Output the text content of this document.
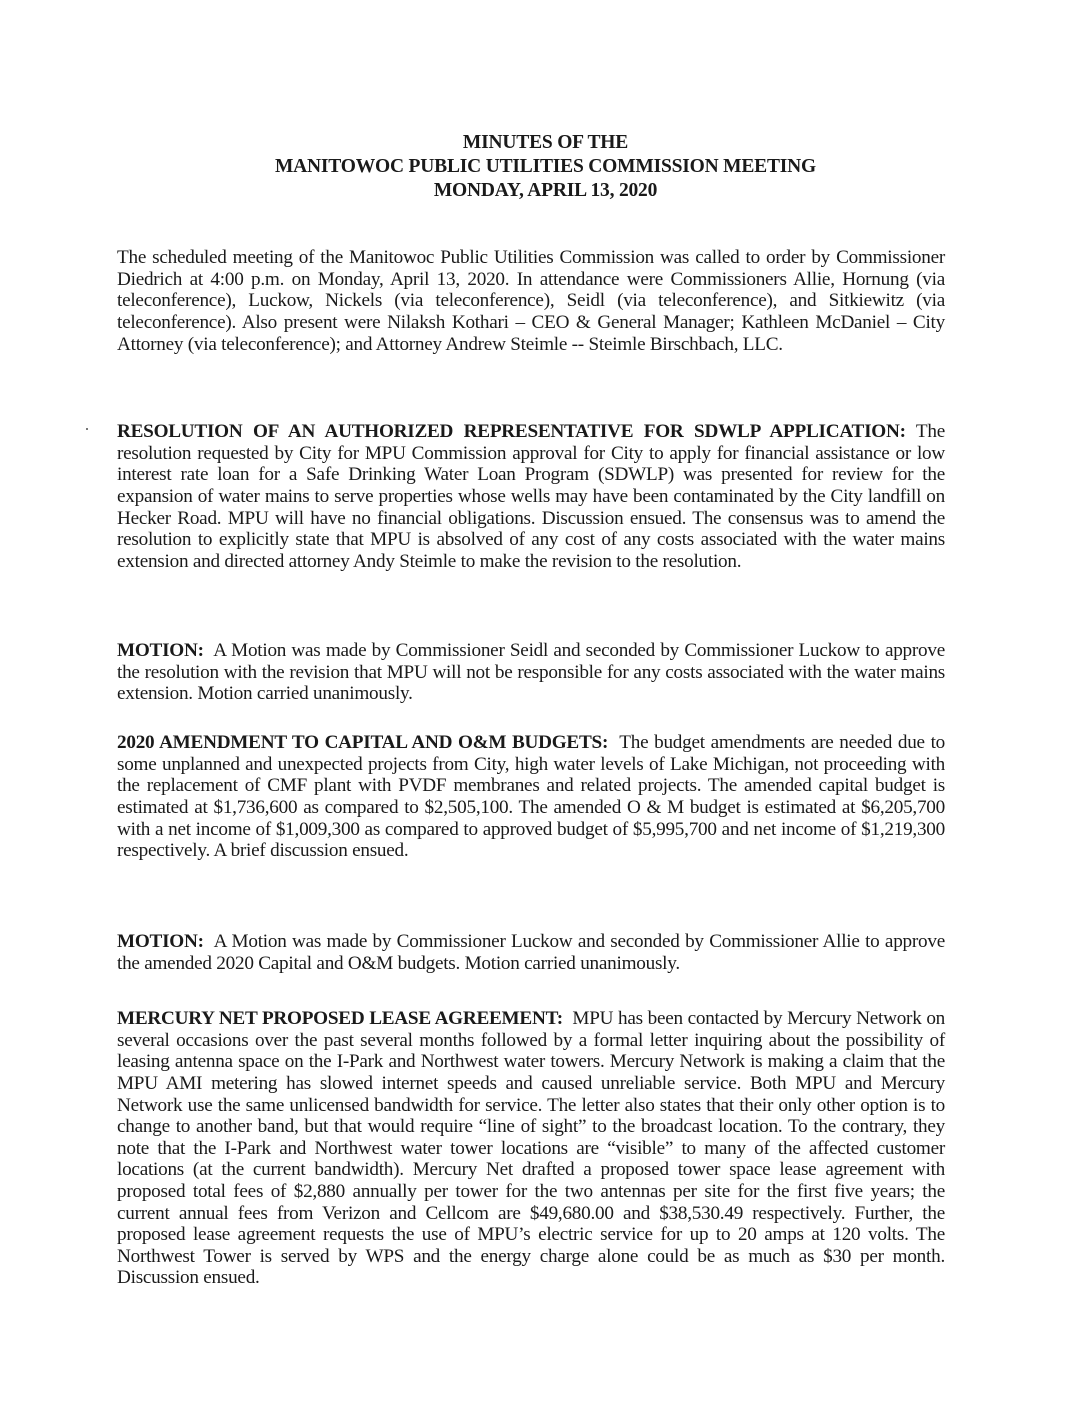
MINUTES OF THE
MANITOWOC PUBLIC UTILITIES COMMISSION MEETING
MONDAY, APRIL 13, 2020

The scheduled meeting of the Manitowoc Public Utilities Commission was called to order by Commissioner Diedrich at 4:00 p.m. on Monday, April 13, 2020. In attendance were Commissioners Allie, Hornung (via teleconference), Luckow, Nickels (via teleconference), Seidl (via teleconference), and Sitkiewitz (via teleconference). Also present were Nilaksh Kothari – CEO & General Manager; Kathleen McDaniel – City Attorney (via teleconference); and Attorney Andrew Steimle -- Steimle Birschbach, LLC.

RESOLUTION OF AN AUTHORIZED REPRESENTATIVE FOR SDWLP APPLICATION: The resolution requested by City for MPU Commission approval for City to apply for financial assistance or low interest rate loan for a Safe Drinking Water Loan Program (SDWLP) was presented for review for the expansion of water mains to serve properties whose wells may have been contaminated by the City landfill on Hecker Road. MPU will have no financial obligations. Discussion ensued. The consensus was to amend the resolution to explicitly state that MPU is absolved of any cost of any costs associated with the water mains extension and directed attorney Andy Steimle to make the revision to the resolution.

MOTION: A Motion was made by Commissioner Seidl and seconded by Commissioner Luckow to approve the resolution with the revision that MPU will not be responsible for any costs associated with the water mains extension. Motion carried unanimously.

2020 AMENDMENT TO CAPITAL AND O&M BUDGETS: The budget amendments are needed due to some unplanned and unexpected projects from City, high water levels of Lake Michigan, not proceeding with the replacement of CMF plant with PVDF membranes and related projects. The amended capital budget is estimated at $1,736,600 as compared to $2,505,100. The amended O & M budget is estimated at $6,205,700 with a net income of $1,009,300 as compared to approved budget of $5,995,700 and net income of $1,219,300 respectively. A brief discussion ensued.

MOTION: A Motion was made by Commissioner Luckow and seconded by Commissioner Allie to approve the amended 2020 Capital and O&M budgets. Motion carried unanimously.

MERCURY NET PROPOSED LEASE AGREEMENT: MPU has been contacted by Mercury Network on several occasions over the past several months followed by a formal letter inquiring about the possibility of leasing antenna space on the I-Park and Northwest water towers. Mercury Network is making a claim that the MPU AMI metering has slowed internet speeds and caused unreliable service. Both MPU and Mercury Network use the same unlicensed bandwidth for service. The letter also states that their only other option is to change to another band, but that would require “line of sight” to the broadcast location. To the contrary, they note that the I-Park and Northwest water tower locations are “visible” to many of the affected customer locations (at the current bandwidth). Mercury Net drafted a proposed tower space lease agreement with proposed total fees of $2,880 annually per tower for the two antennas per site for the first five years; the current annual fees from Verizon and Cellcom are $49,680.00 and $38,530.49 respectively. Further, the proposed lease agreement requests the use of MPU’s electric service for up to 20 amps at 120 volts. The Northwest Tower is served by WPS and the energy charge alone could be as much as $30 per month. Discussion ensued.
